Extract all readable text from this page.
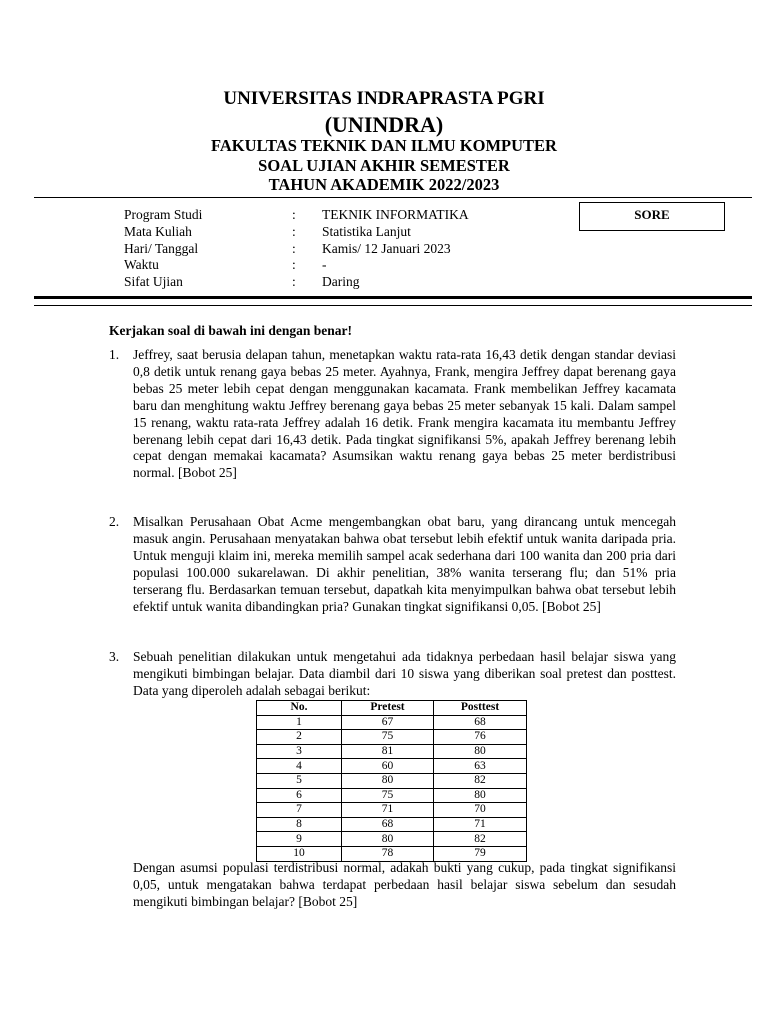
UNIVERSITAS INDRAPRASTA PGRI
(UNINDRA)
FAKULTAS TEKNIK DAN ILMU KOMPUTER
SOAL UJIAN AKHIR SEMESTER
TAHUN AKADEMIK 2022/2023
Program Studi	: TEKNIK INFORMATIKA
Mata Kuliah	: Statistika Lanjut
Hari/ Tanggal	: Kamis/ 12 Januari 2023
Waktu	: -
Sifat Ujian	: Daring
SORE
Kerjakan soal di bawah ini dengan benar!
1. Jeffrey, saat berusia delapan tahun, menetapkan waktu rata-rata 16,43 detik dengan standar deviasi 0,8 detik untuk renang gaya bebas 25 meter. Ayahnya, Frank, mengira Jeffrey dapat berenang gaya bebas 25 meter lebih cepat dengan menggunakan kacamata. Frank membelikan Jeffrey kacamata baru dan menghitung waktu Jeffrey berenang gaya bebas 25 meter sebanyak 15 kali. Dalam sampel 15 renang, waktu rata-rata Jeffrey adalah 16 detik. Frank mengira kacamata itu membantu Jeffrey berenang lebih cepat dari 16,43 detik. Pada tingkat signifikansi 5%, apakah Jeffrey berenang lebih cepat dengan memakai kacamata? Asumsikan waktu renang gaya bebas 25 meter berdistribusi normal. [Bobot 25]
2. Misalkan Perusahaan Obat Acme mengembangkan obat baru, yang dirancang untuk mencegah masuk angin. Perusahaan menyatakan bahwa obat tersebut lebih efektif untuk wanita daripada pria. Untuk menguji klaim ini, mereka memilih sampel acak sederhana dari 100 wanita dan 200 pria dari populasi 100.000 sukarelawan. Di akhir penelitian, 38% wanita terserang flu; dan 51% pria terserang flu. Berdasarkan temuan tersebut, dapatkah kita menyimpulkan bahwa obat tersebut lebih efektif untuk wanita dibandingkan pria? Gunakan tingkat signifikansi 0,05. [Bobot 25]
3. Sebuah penelitian dilakukan untuk mengetahui ada tidaknya perbedaan hasil belajar siswa yang mengikuti bimbingan belajar. Data diambil dari 10 siswa yang diberikan soal pretest dan posttest. Data yang diperoleh adalah sebagai berikut:
No.	Pretest	Posttest
1	67	68
2	75	76
3	81	80
4	60	63
5	80	82
6	75	80
7	71	70
8	68	71
9	80	82
10	78	79
Dengan asumsi populasi terdistribusi normal, adakah bukti yang cukup, pada tingkat signifikansi 0,05, untuk mengatakan bahwa terdapat perbedaan hasil belajar siswa sebelum dan sesudah mengikuti bimbingan belajar? [Bobot 25]
